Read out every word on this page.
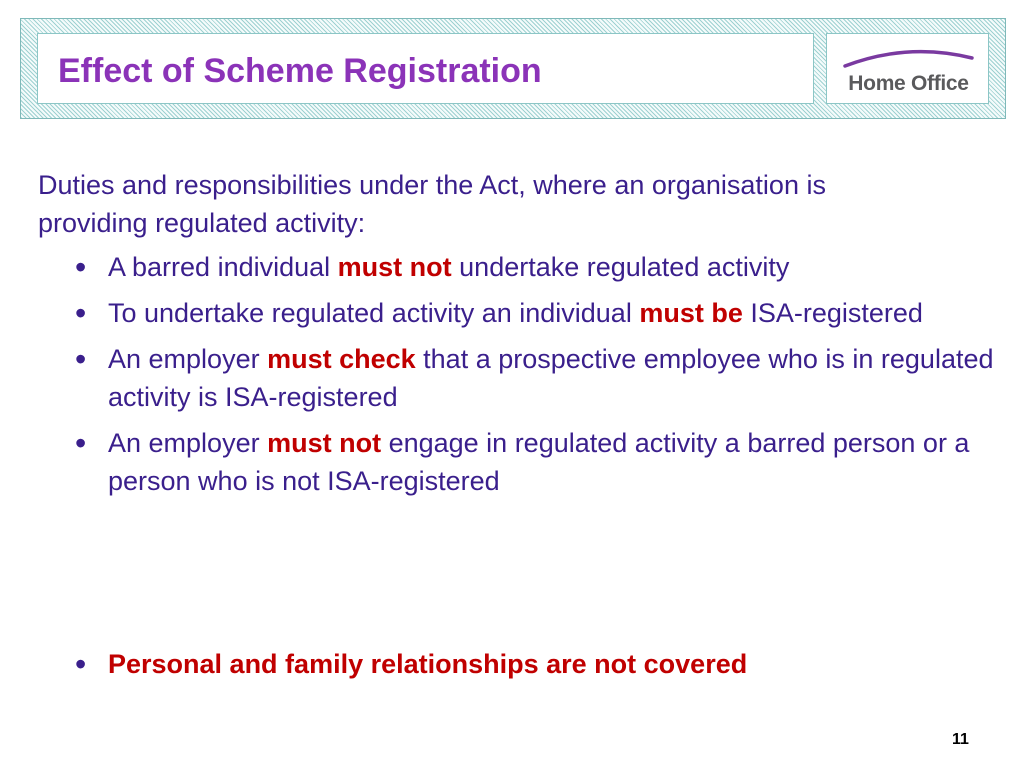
Effect of Scheme Registration	Home Office

Duties and responsibilities under the Act, where an organisation is providing regulated activity:

• A barred individual must not undertake regulated activity
• To undertake regulated activity an individual must be ISA-registered
• An employer must check that a prospective employee who is in regulated activity is ISA-registered
• An employer must not engage in regulated activity a barred person or a person who is not ISA-registered
• Personal and family relationships are not covered
11
